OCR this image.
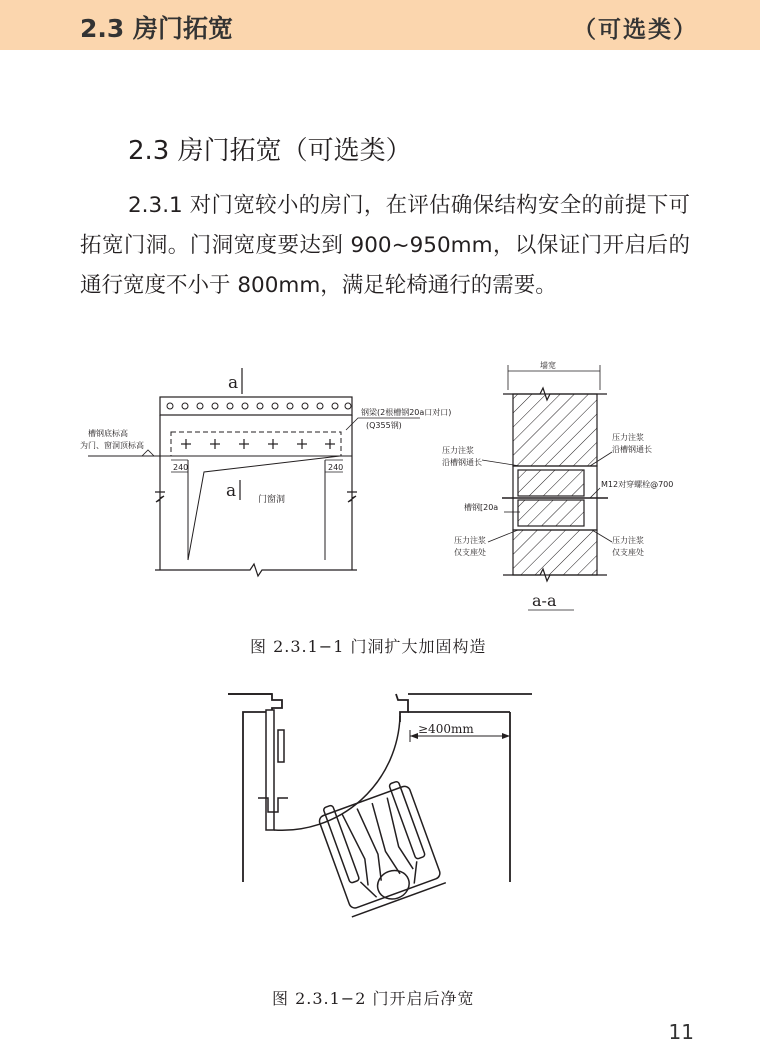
2.3 房门拓宽	（可选类）
2.3 房门拓宽（可选类）
2.3.1 对门宽较小的房门，在评估确保结构安全的前提下可拓宽门洞。门洞宽度要达到 900~950mm，以保证门开启后的通行宽度不小于 800mm，满足轮椅通行的需要。
a
钢梁(2根槽钢20a口对口)
(Q355钢)
240	240
槽钢底标高
为门、窗洞顶标高
a 门窗洞
墙宽
压力注浆
沿槽钢通长
压力注浆
沿槽钢通长
M12对穿螺栓@700
槽钢[20a
压力注浆
仅支座处
压力注浆
仅支座处
a-a
图 2.3.1−1 门洞扩大加固构造
≥400mm
图 2.3.1−2 门开启后净宽
11
